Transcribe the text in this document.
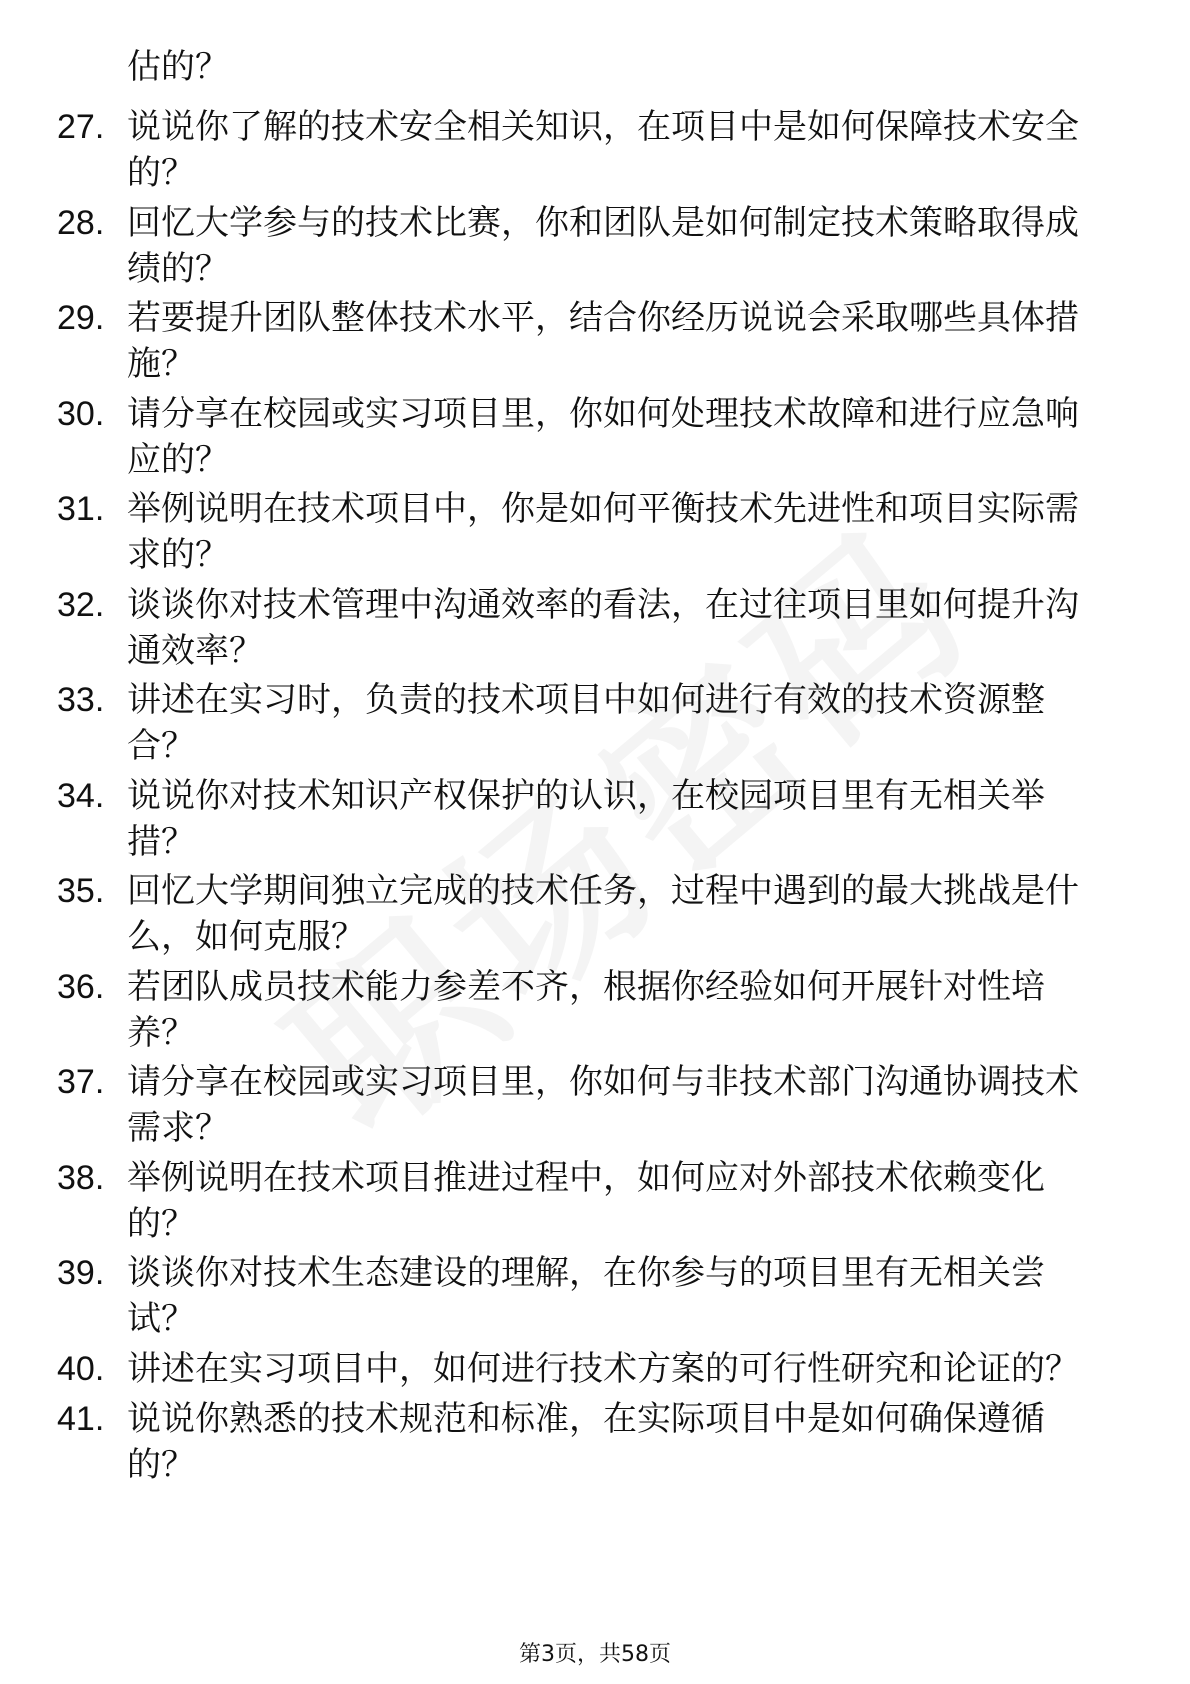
估的？
27. 说说你了解的技术安全相关知识，在项目中是如何保障技术安全
的？
28. 回忆大学参与的技术比赛，你和团队是如何制定技术策略取得成
绩的？
29. 若要提升团队整体技术水平，结合你经历说说会采取哪些具体措
施？
30. 请分享在校园或实习项目里，你如何处理技术故障和进行应急响
应的？
31. 举例说明在技术项目中，你是如何平衡技术先进性和项目实际需
求的？
32. 谈谈你对技术管理中沟通效率的看法，在过往项目里如何提升沟
通效率？
33. 讲述在实习时，负责的技术项目中如何进行有效的技术资源整
合？
34. 说说你对技术知识产权保护的认识，在校园项目里有无相关举
措？
35. 回忆大学期间独立完成的技术任务，过程中遇到的最大挑战是什
么，如何克服？
36. 若团队成员技术能力参差不齐，根据你经验如何开展针对性培
养？
37. 请分享在校园或实习项目里，你如何与非技术部门沟通协调技术
需求？
38. 举例说明在技术项目推进过程中，如何应对外部技术依赖变化
的？
39. 谈谈你对技术生态建设的理解，在你参与的项目里有无相关尝
试？
40. 讲述在实习项目中，如何进行技术方案的可行性研究和论证的？
41. 说说你熟悉的技术规范和标准，在实际项目中是如何确保遵循
的？
第3页，共58页
